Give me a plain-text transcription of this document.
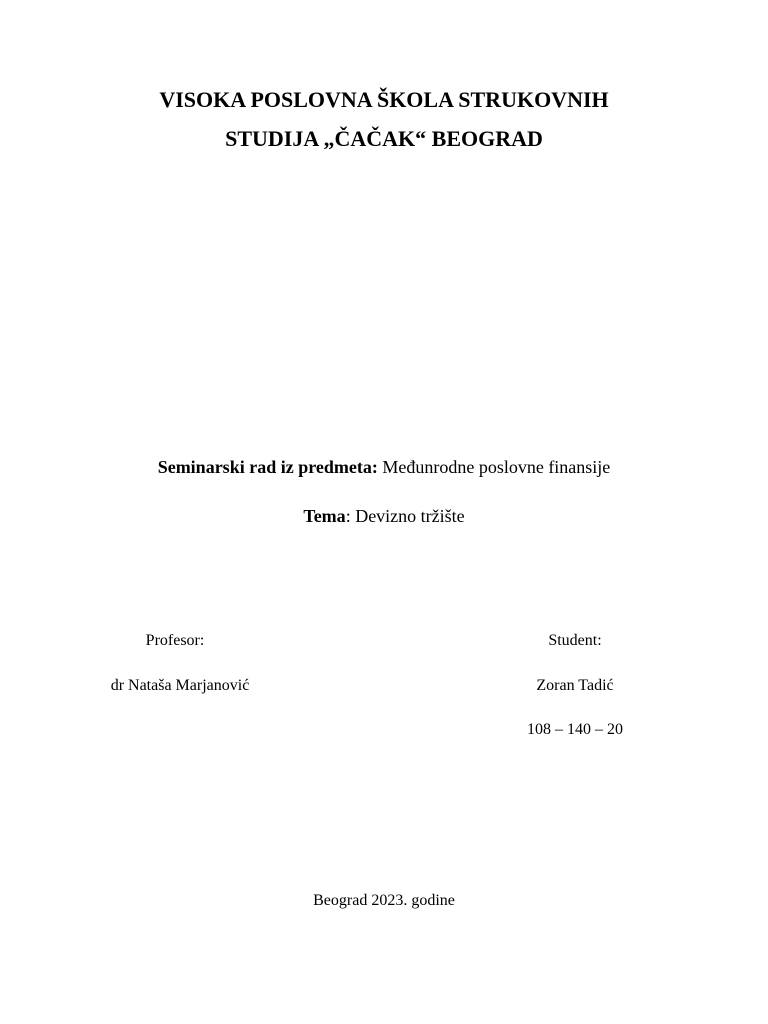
VISOKA POSLOVNA ŠKOLA STRUKOVNIH
STUDIJA „ČAČAK“ BEOGRAD
Seminarski rad iz predmeta: Međunrodne poslovne finansije
Tema: Devizno tržište
Profesor:
dr Nataša Marjanović
Student:
Zoran Tadić
108 – 140 – 20
Beograd 2023. godine
